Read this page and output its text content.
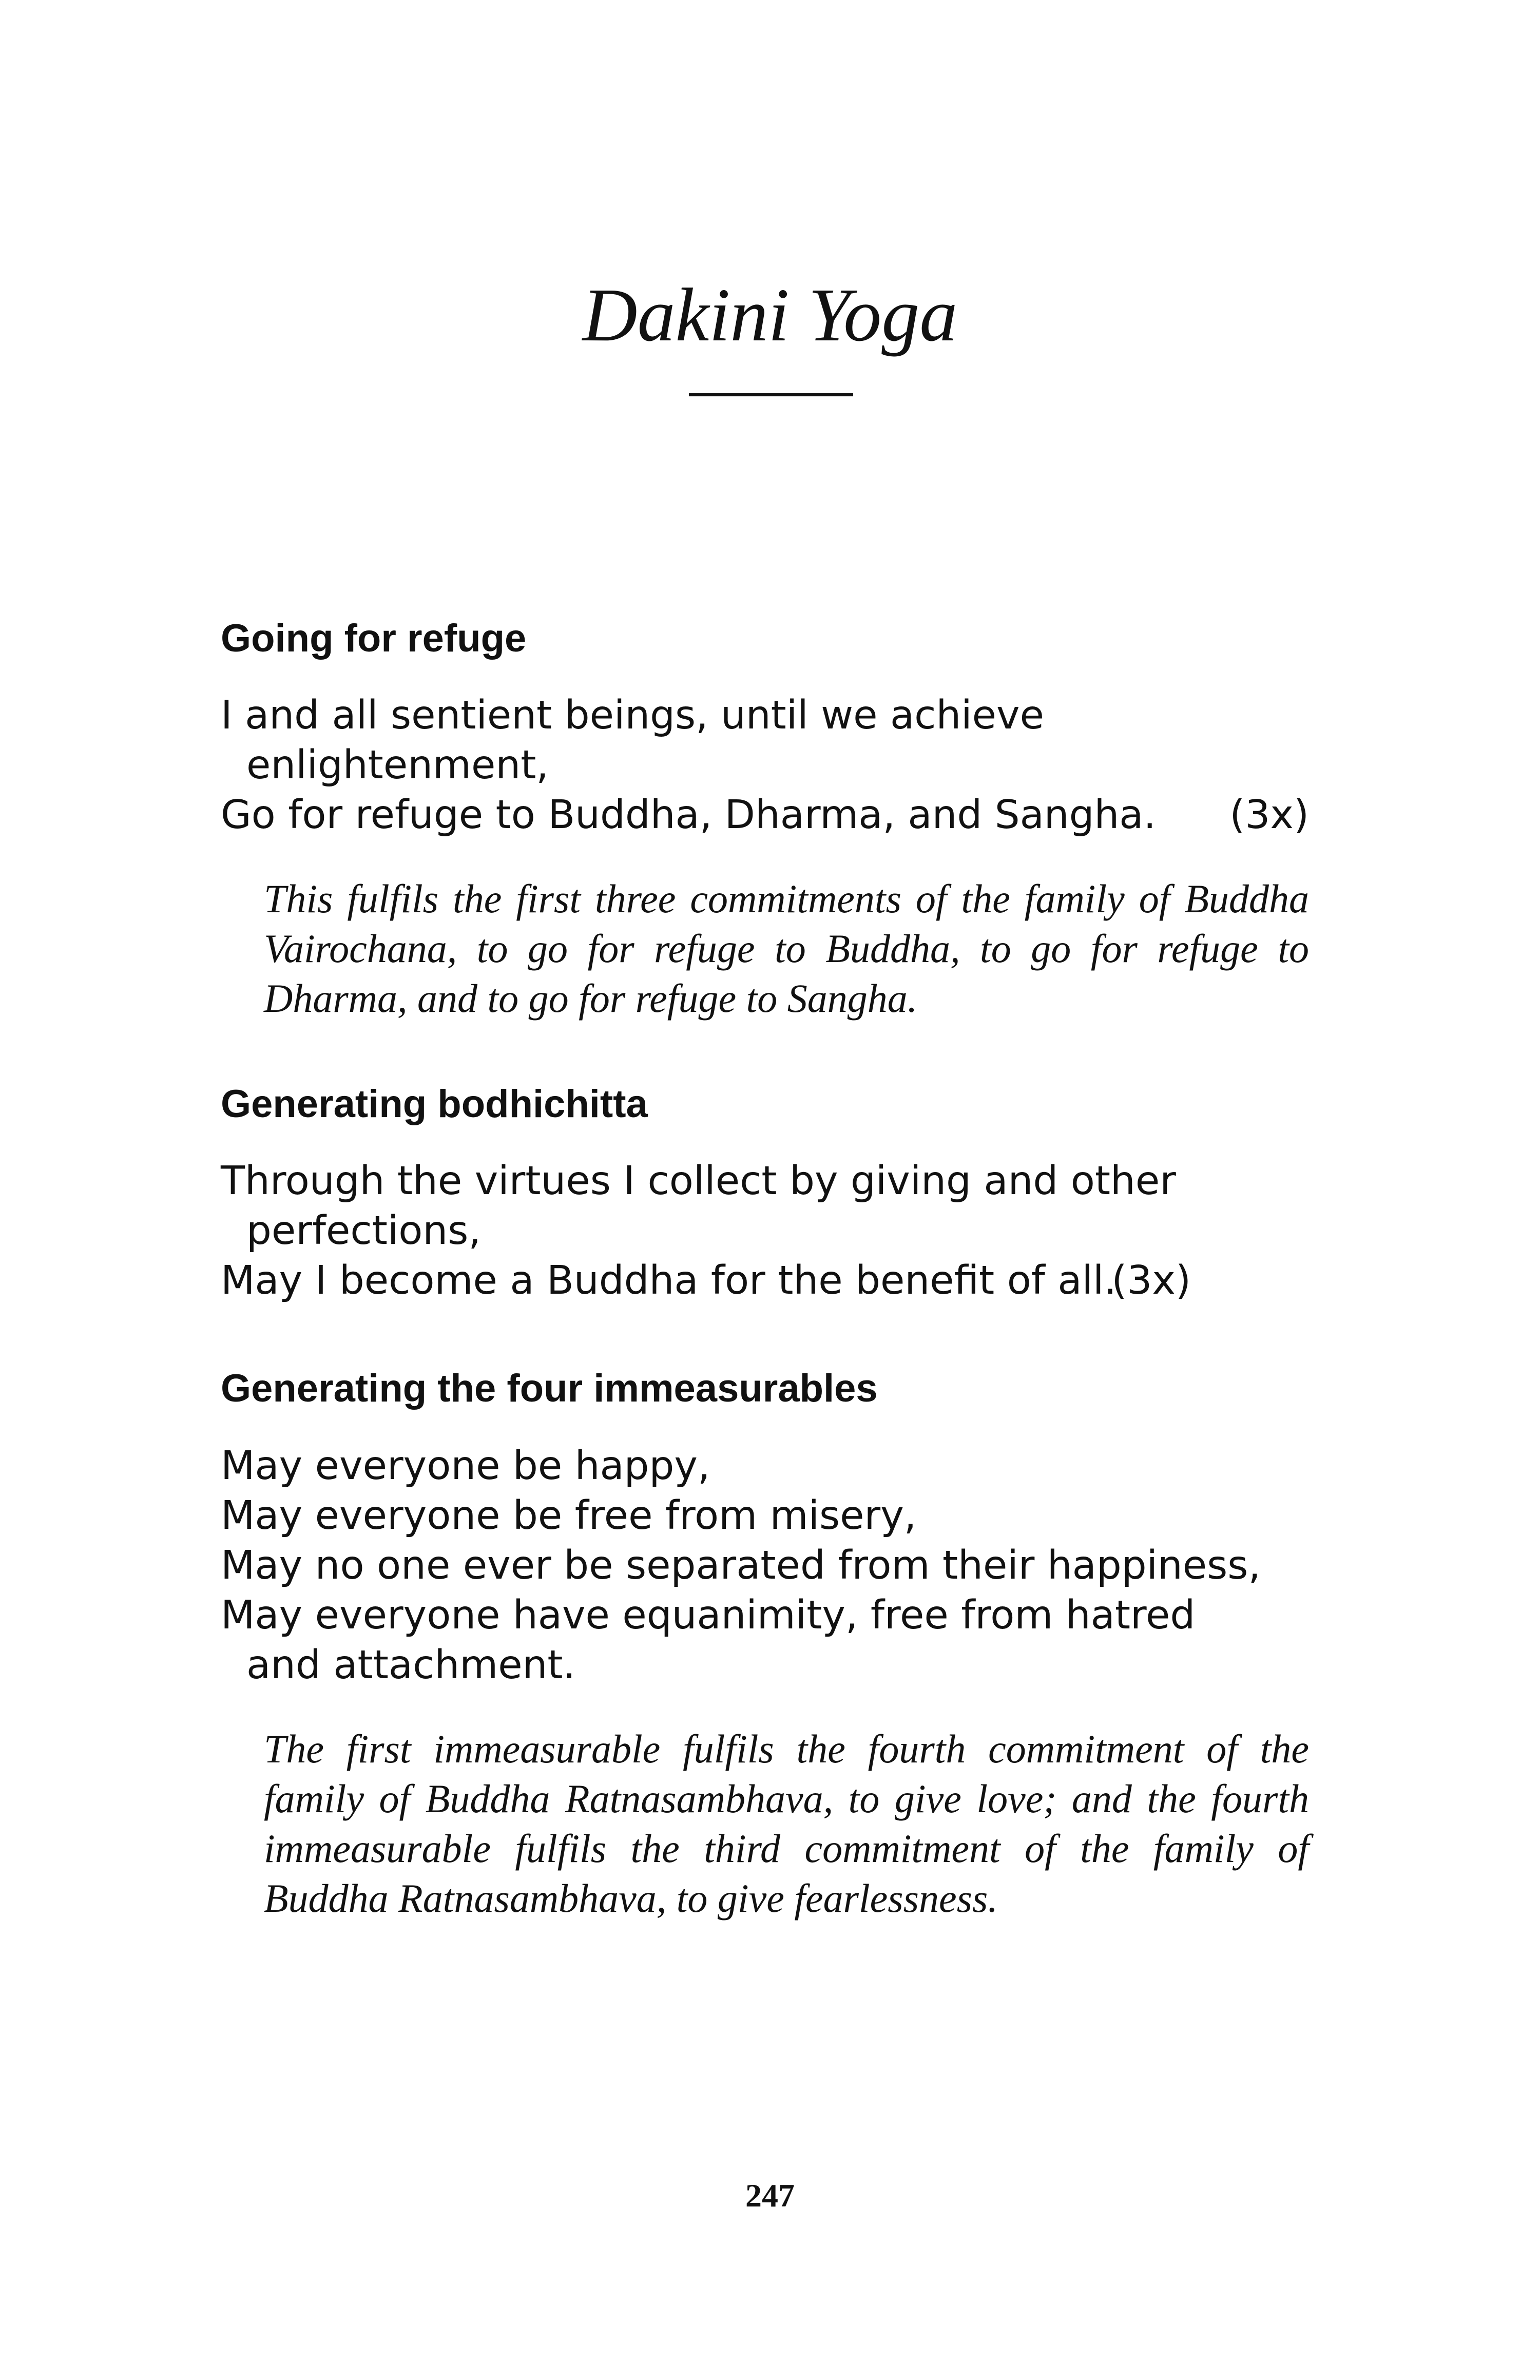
Dakini Yoga
Going for refuge
I and all sentient beings, until we achieve enlightenment,
Go for refuge to Buddha, Dharma, and Sangha. (3x)

This fulfils the first three commitments of the family of Buddha Vairochana, to go for refuge to Buddha, to go for refuge to Dharma, and to go for refuge to Sangha.

Generating bodhichitta
Through the virtues I collect by giving and other perfections,
May I become a Buddha for the benefit of all.
(3x)
Generating the four immeasurables
May everyone be happy,
May everyone be free from misery,
May no one ever be separated from their happiness,
May everyone have equanimity, free from hatred and attachment.

The first immeasurable fulfils the fourth commitment of the family of Buddha Ratnasambhava, to give love; and the fourth immeasurable fulfils the third commitment of the family of Buddha Ratnasambhava, to give fearlessness.

247
